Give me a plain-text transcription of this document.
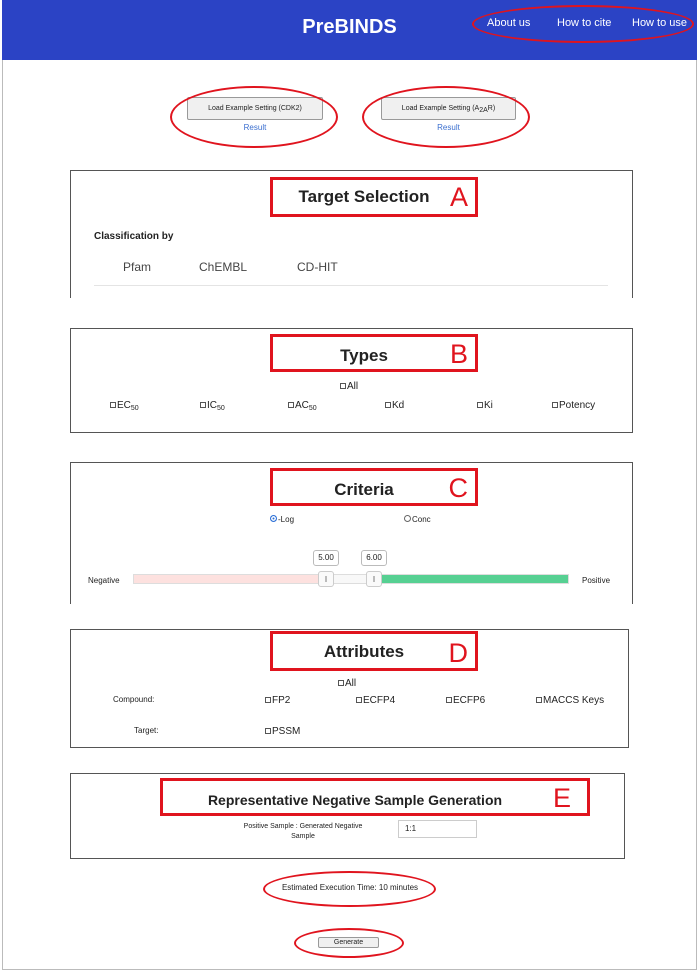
PreBINDS	About us How to cite How to use
Load Example Setting (CDK2)
Result
Load Example Setting (A2AR)
Result
Target Selection A
Classification by
Pfam	ChEMBL	CD-HIT
Types	B
All
$EC_{50}$	$IC_{50}$	$AC_{50}$	Kd	Ki	Potency
Criteria	C
-Log	Conc
5.00	6.00
Negative	Positive
Attributes	D
All
Compound:	FP2	ECFP4	ECFP6	MACCS Keys
Target:	PSSM
Representative Negative Sample Generation	E
Positive Sample : Generated Negative
Sample
1:1
Estimated Execution Time: 10 minutes
Generate
